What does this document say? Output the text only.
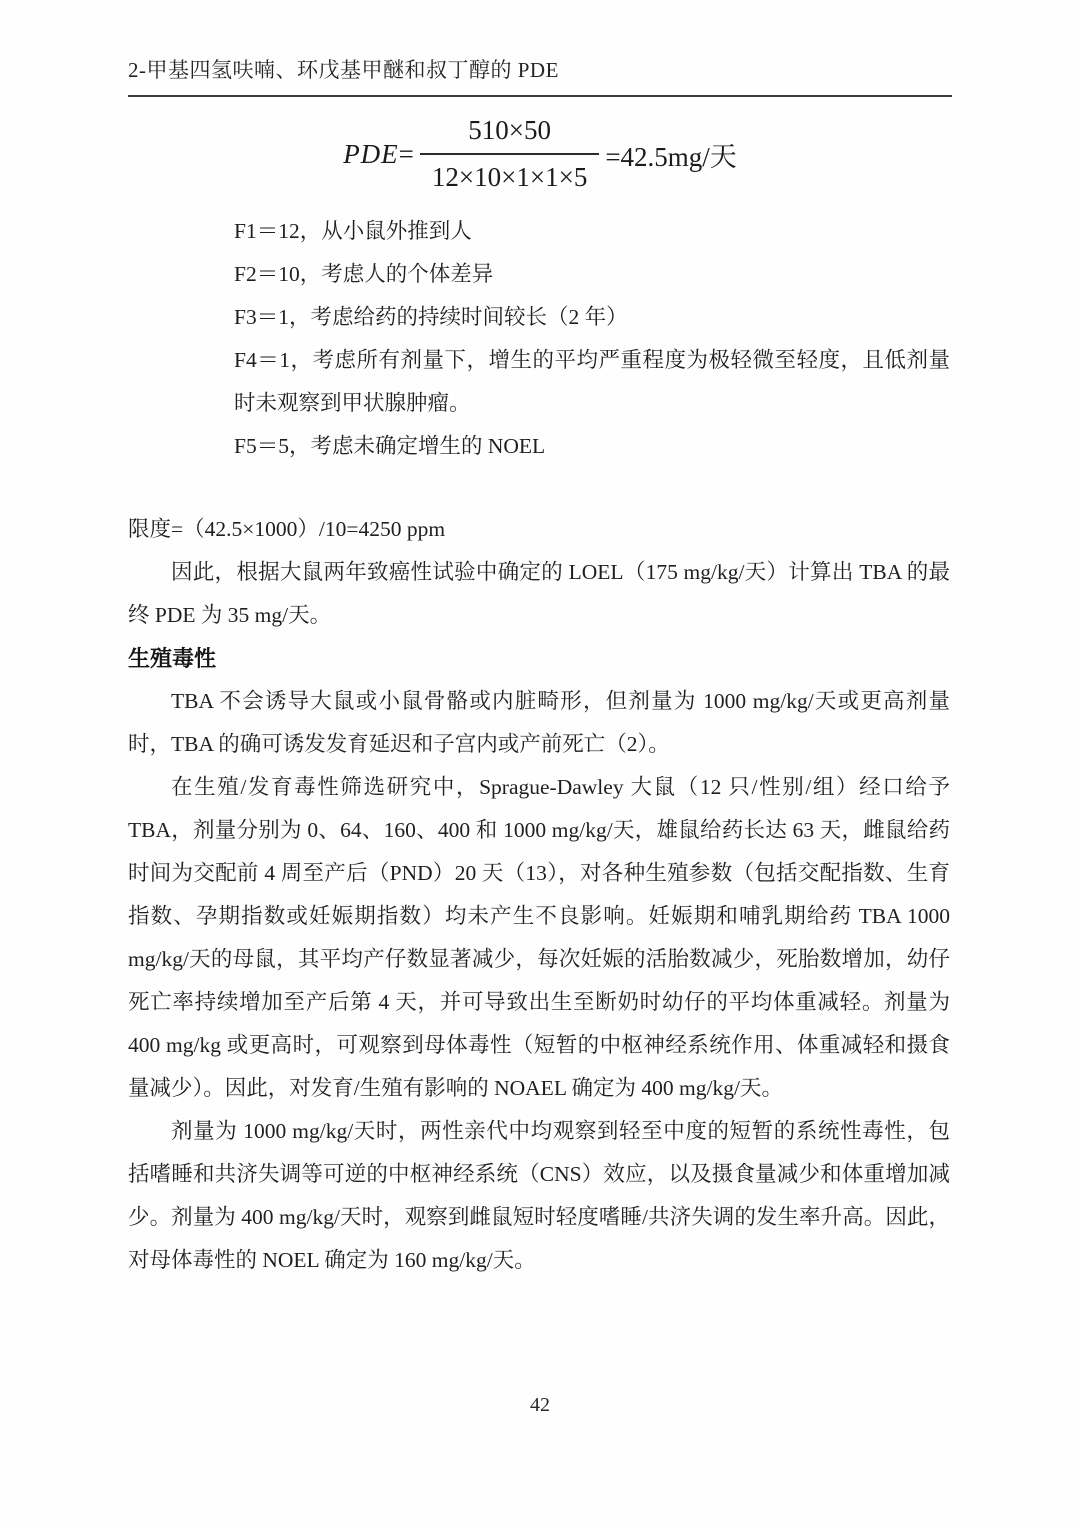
2-甲基四氢呋喃、环戊基甲醚和叔丁醇的 PDE
PDE = $\frac{510\times 50}{12\times 10\times 1\times 1\times 5} =42.5mg/$天

F1＝12，从小鼠外推到人

F2＝10，考虑人的个体差异

F3＝1，考虑给药的持续时间较长（2 年）

F4＝1，考虑所有剂量下，增生的平均严重程度为极轻微至轻度，且低剂量时未观察到甲状腺肿瘤。

F5＝5，考虑未确定增生的 NOEL

限度=（42.5×1000）/10=4250 ppm

因此，根据大鼠两年致癌性试验中确定的 LOEL（175 mg/kg/天）计算出 TBA 的最终 PDE 为 35 mg/天。

生殖毒性

TBA 不会诱导大鼠或小鼠骨骼或内脏畸形，但剂量为 1000 mg/kg/天或更高剂量时，TBA 的确可诱发发育延迟和子宫内或产前死亡（2）。

在生殖/发育毒性筛选研究中，Sprague-Dawley 大鼠（12 只/性别/组）经口给予 TBA，剂量分别为 0、64、160、400 和 1000 mg/kg/天，雄鼠给药长达 63 天，雌鼠给药时间为交配前 4 周至产后（PND）20 天（13），对各种生殖参数（包括交配指数、生育指数、孕期指数或妊娠期指数）均未产生不良影响。妊娠期和哺乳期给药 TBA 1000 mg/kg/天的母鼠，其平均产仔数显著减少，每次妊娠的活胎数减少，死胎数增加，幼仔死亡率持续增加至产后第 4 天，并可导致出生至断奶时幼仔的平均体重减轻。剂量为 400 mg/kg 或更高时，可观察到母体毒性（短暂的中枢神经系统作用、体重减轻和摄食量减少）。因此，对发育/生殖有影响的 NOAEL 确定为 400 mg/kg/天。

剂量为 1000 mg/kg/天时，两性亲代中均观察到轻至中度的短暂的系统性毒性，包括嗜睡和共济失调等可逆的中枢神经系统（CNS）效应，以及摄食量减少和体重增加减少。剂量为 400 mg/kg/天时，观察到雌鼠短时轻度嗜睡/共济失调的发生率升高。因此，对母体毒性的 NOEL 确定为 160 mg/kg/天。

42
